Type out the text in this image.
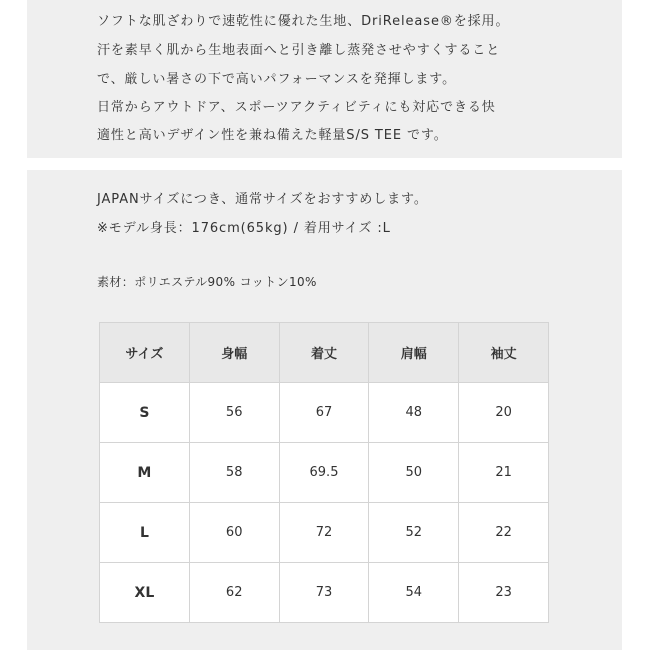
ソフトな肌ざわりで速乾性に優れた生地、DriRelease®を採用。
汗を素早く肌から生地表面へと引き離し蒸発させやすくすること
で、厳しい暑さの下で高いパフォーマンスを発揮します。
日常からアウトドア、スポーツアクティビティにも対応できる快
適性と高いデザイン性を兼ね備えた軽量S/S TEE です。
JAPANサイズにつき、通常サイズをおすすめします。
※モデル身長：176cm(65kg) / 着用サイズ :L
素材：ポリエステル90% コットン10%
サイズ	身幅	着丈	肩幅	袖丈
S	56	67	48	20
M	58	69.5	50	21
L	60	72	52	22
XL	62	73	54	23
